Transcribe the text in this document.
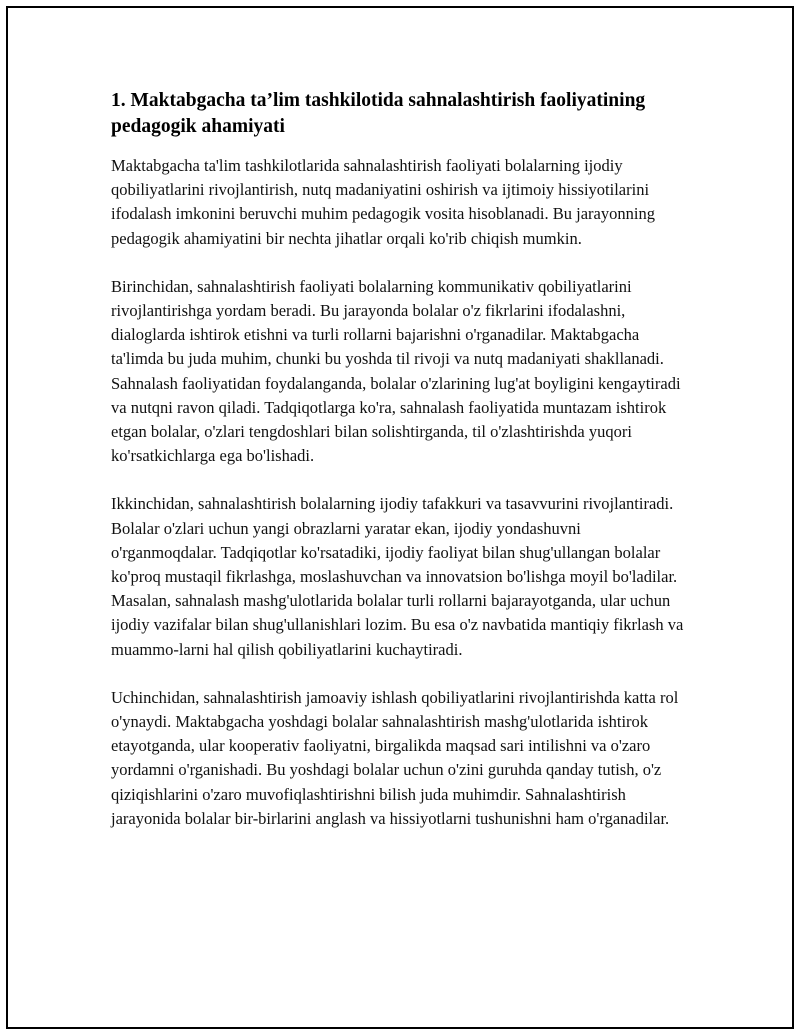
1. Maktabgacha ta’lim tashkilotida sahnalashtirish faoliyatining pedagogik ahamiyati

Maktabgacha ta'lim tashkilotlarida sahnalashtirish faoliyati bolalarning ijodiy qobiliyatlarini rivojlantirish, nutq madaniyatini oshirish va ijtimoiy hissiyotilarini ifodalash imkonini beruvchi muhim pedagogik vosita hisoblanadi. Bu jarayonning pedagogik ahamiyatini bir nechta jihatlar orqali ko'rib chiqish mumkin.

Birinchidan, sahnalashtirish faoliyati bolalarning kommunikativ qobiliyatlarini rivojlantirishga yordam beradi. Bu jarayonda bolalar o'z fikrlarini ifodalashni, dialoglarda ishtirok etishni va turli rollarni bajarishni o'rganadilar. Maktabgacha ta'limda bu juda muhim, chunki bu yoshda til rivoji va nutq madaniyati shakllanadi. Sahnalash faoliyatidan foydalanganda, bolalar o'zlarining lug'at boyligini kengaytiradi va nutqni ravon qiladi. Tadqiqotlarga ko'ra, sahnalash faoliyatida muntazam ishtirok etgan bolalar, o'zlari tengdoshlari bilan solishtirganda, til o'zlashtirishda yuqori ko'rsatkichlarga ega bo'lishadi.

Ikkinchidan, sahnalashtirish bolalarning ijodiy tafakkuri va tasavvurini rivojlantiradi. Bolalar o'zlari uchun yangi obrazlarni yaratar ekan, ijodiy yondashuvni o'rganmoqdalar. Tadqiqotlar ko'rsatadiki, ijodiy faoliyat bilan shug'ullangan bolalar ko'proq mustaqil fikrlashga, moslashuvchan va innovatsion bo'lishga moyil bo'ladilar. Masalan, sahnalash mashg'ulotlarida bolalar turli rollarni bajarayotganda, ular uchun ijodiy vazifalar bilan shug'ullanishlari lozim. Bu esa o'z navbatida mantiqiy fikrlash va muammo-larni hal qilish qobiliyatlarini kuchaytiradi.

Uchinchidan, sahnalashtirish jamoaviy ishlash qobiliyatlarini rivojlantirishda katta rol o'ynaydi. Maktabgacha yoshdagi bolalar sahnalashtirish mashg'ulotlarida ishtirok etayotganda, ular kooperativ faoliyatni, birgalikda maqsad sari intilishni va o'zaro yordamni o'rganishadi. Bu yoshdagi bolalar uchun o'zini guruhda qanday tutish, o'z qiziqishlarini o'zaro muvofiqlashtirishni bilish juda muhimdir. Sahnalashtirish jarayonida bolalar bir-birlarini anglash va hissiyotlarni tushunishni ham o'rganadilar.
